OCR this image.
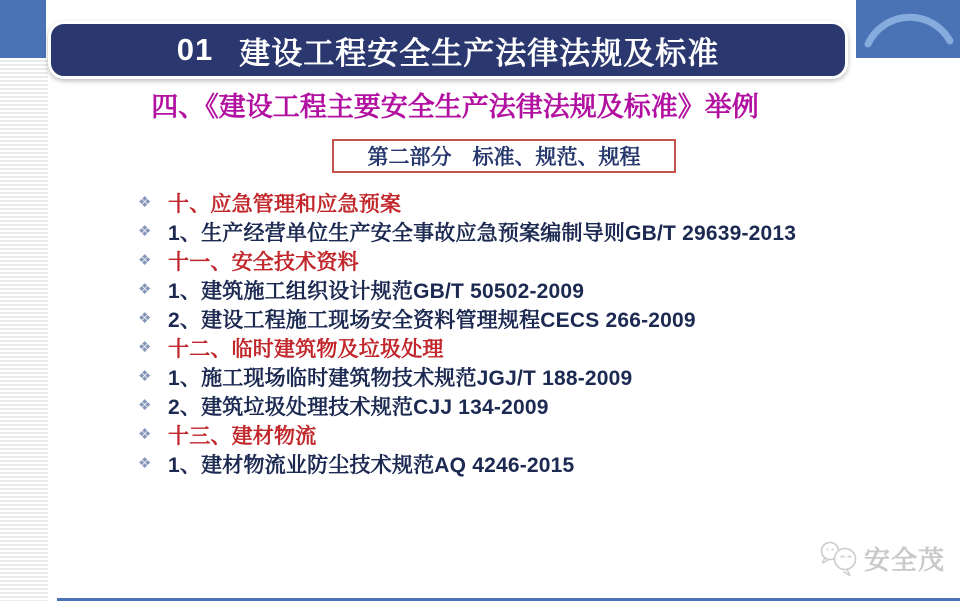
01 建设工程安全生产法律法规及标准
四、《建设工程主要安全生产法律法规及标准》举例
第二部分　标准、规范、规程
❖ 十、应急管理和应急预案
❖ 1、生产经营单位生产安全事故应急预案编制导则GB/T 29639-2013
❖ 十一、安全技术资料
❖ 1、建筑施工组织设计规范GB/T 50502-2009
❖ 2、建设工程施工现场安全资料管理规程CECS 266-2009
❖ 十二、临时建筑物及垃圾处理
❖ 1、施工现场临时建筑物技术规范JGJ/T 188-2009
❖ 2、建筑垃圾处理技术规范CJJ 134-2009
❖ 十三、建材物流
❖ 1、建材物流业防尘技术规范AQ 4246-2015
安全茂
